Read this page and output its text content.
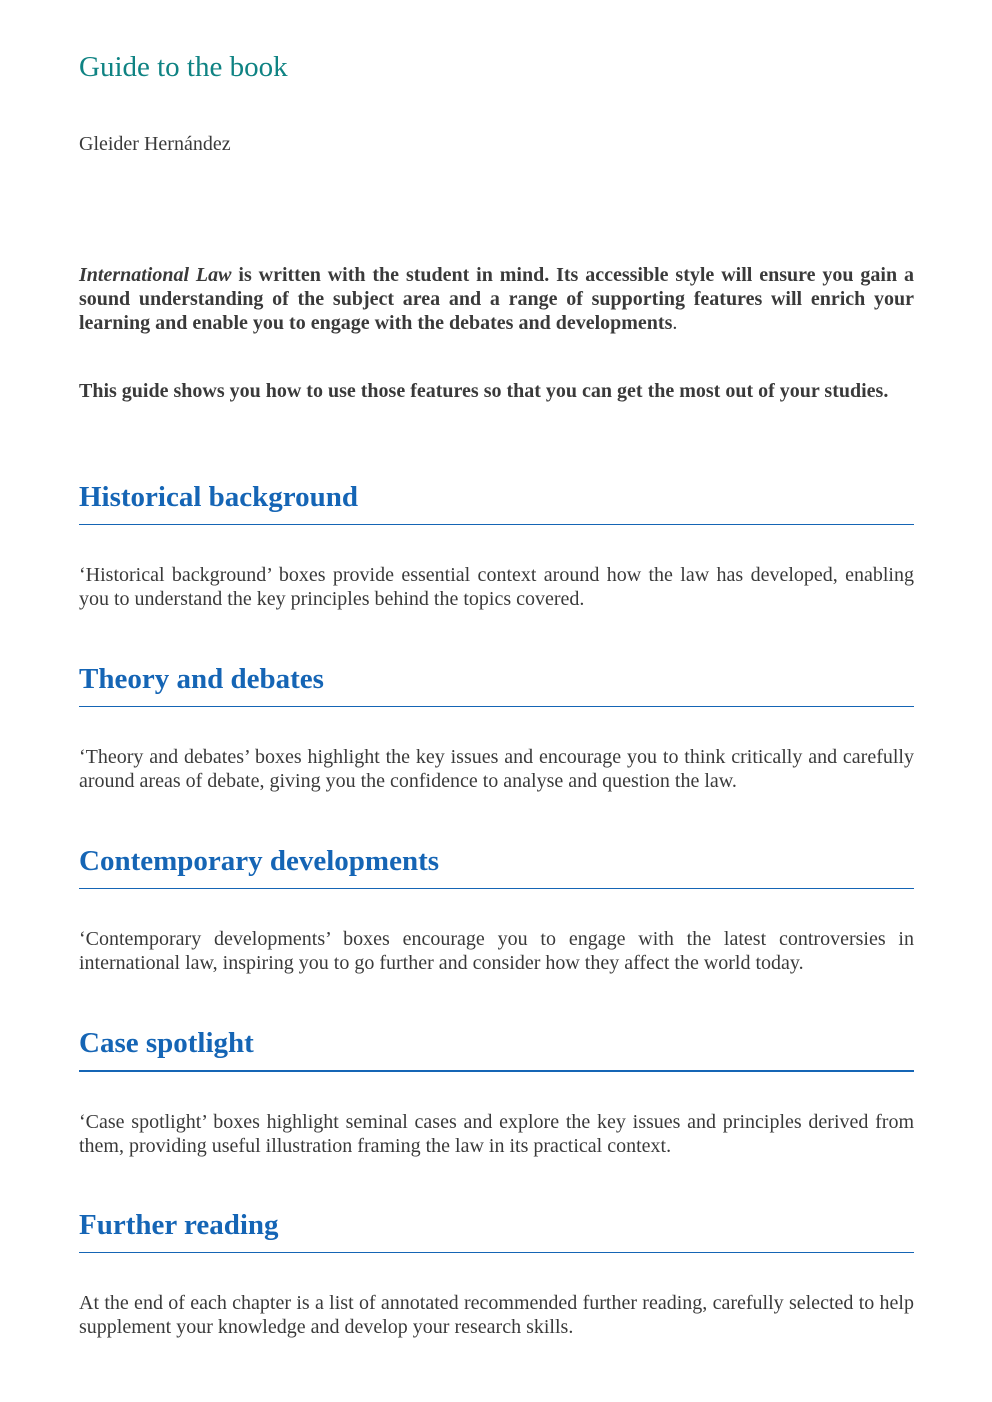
Guide to the book

Gleider Hernández

International Law is written with the student in mind. Its accessible style will ensure you gain a sound understanding of the subject area and a range of supporting features will enrich your learning and enable you to engage with the debates and developments.

This guide shows you how to use those features so that you can get the most out of your studies.

Historical background

‘Historical background’ boxes provide essential context around how the law has developed, enabling you to understand the key principles behind the topics covered.

Theory and debates

‘Theory and debates’ boxes highlight the key issues and encourage you to think critically and carefully around areas of debate, giving you the confidence to analyse and question the law.

Contemporary developments

‘Contemporary developments’ boxes encourage you to engage with the latest controversies in international law, inspiring you to go further and consider how they affect the world today.

Case spotlight

‘Case spotlight’ boxes highlight seminal cases and explore the key issues and principles derived from them, providing useful illustration framing the law in its practical context.

Further reading

At the end of each chapter is a list of annotated recommended further reading, carefully selected to help supplement your knowledge and develop your research skills.
